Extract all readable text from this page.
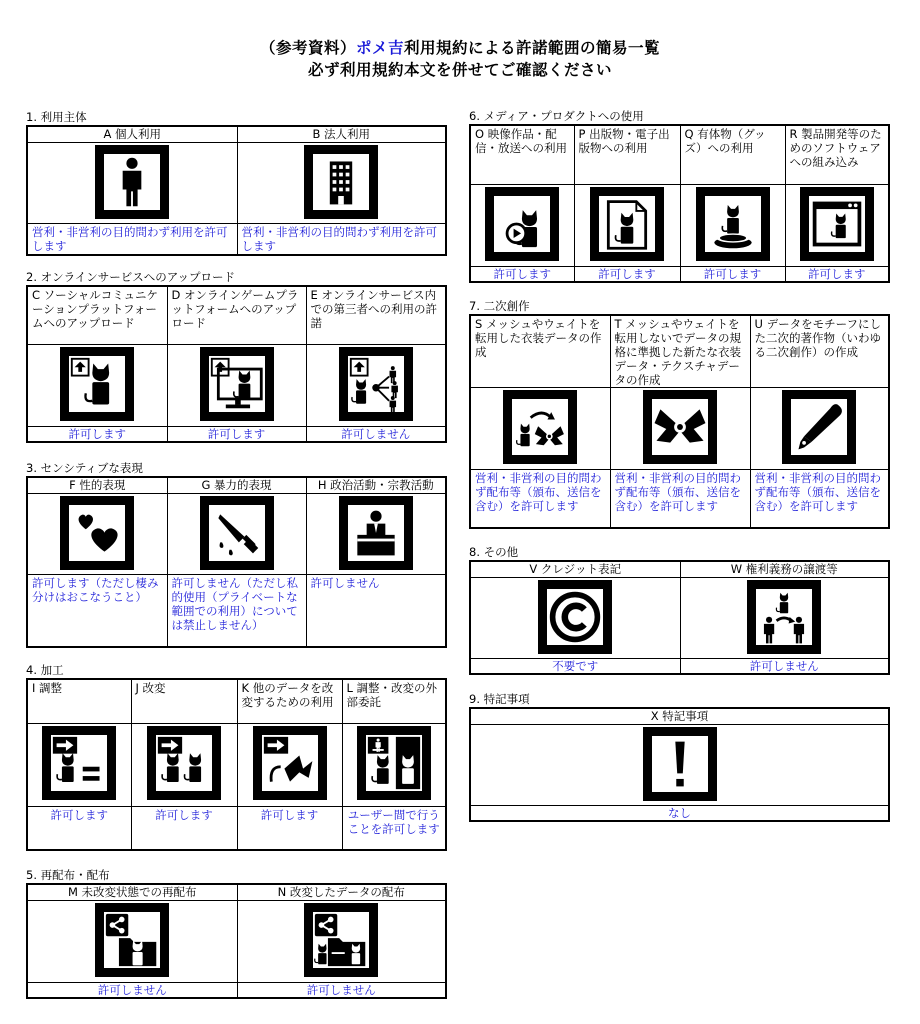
（参考資料）ポメ吉利用規約による許諾範囲の簡易一覧
必ず利用規約本文を併せてご確認ください
1. 利用主体
A 個人利用	B 法人利用

営利・非営利の目的問わず利用を許可します	営利・非営利の目的問わず利用を許可します
2. オンラインサービスへのアップロード
C ソーシャルコミュニケーションプラットフォームへのアップロード	D オンラインゲームプラットフォームへのアップロード	E オンラインサービス内での第三者への利用の許諾

許可します	許可します	許可しません
3. センシティブな表現
F 性的表現	G 暴力的表現	H 政治活動・宗教活動

許可します（ただし棲み分けはおこなうこと）	許可しません（ただし私的使用（プライベートな範囲での利用）については禁止しません）	許可しません
4. 加工
I 調整	J 改変	K 他のデータを改変するための利用	L 調整・改変の外部委託

許可します	許可します	許可します	ユーザー間で行うことを許可します
5. 再配布・配布
M 未改変状態での再配布	N 改変したデータの配布

許可しません	許可しません
6. メディア・プロダクトへの使用
O 映像作品・配信・放送への利用	P 出版物・電子出版物への利用	Q 有体物（グッズ）への利用	R 製品開発等のためのソフトウェアへの組み込み

許可します	許可します	許可します	許可します
7. 二次創作
S メッシュやウェイトを転用した衣装データの作成	T メッシュやウェイトを転用しないでデータの規格に準拠した新たな衣装データ・テクスチャデータの作成	U データをモチーフにした二次的著作物（いわゆる二次創作）の作成

営利・非営利の目的問わず配布等（頒布、送信を含む）を許可します	営利・非営利の目的問わず配布等（頒布、送信を含む）を許可します	営利・非営利の目的問わず配布等（頒布、送信を含む）を許可します
8. その他
V クレジット表記	W 権利義務の譲渡等

不要です	許可しません
9. 特記事項
X 特記事項

なし
